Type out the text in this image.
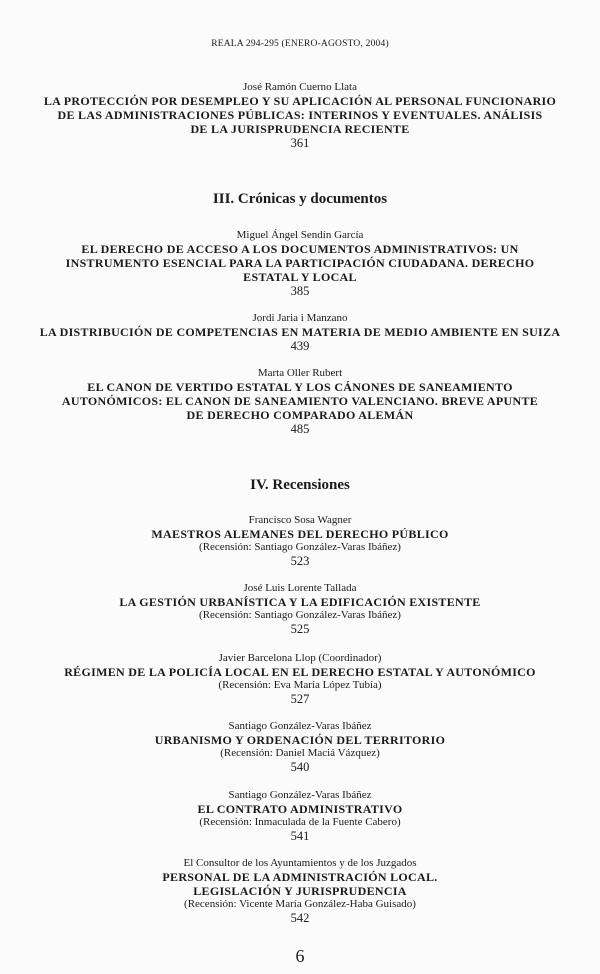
REALA 294-295 (ENERO-AGOSTO, 2004)
José Ramón Cuerno Llata
LA PROTECCIÓN POR DESEMPLEO Y SU APLICACIÓN AL PERSONAL FUNCIONARIO
DE LAS ADMINISTRACIONES PÚBLICAS: INTERINOS Y EVENTUALES. ANÁLISIS
DE LA JURISPRUDENCIA RECIENTE
361
III. Crónicas y documentos
Miguel Ángel Sendín García
EL DERECHO DE ACCESO A LOS DOCUMENTOS ADMINISTRATIVOS: UN
INSTRUMENTO ESENCIAL PARA LA PARTICIPACIÓN CIUDADANA. DERECHO
ESTATAL Y LOCAL
385
Jordi Jaria i Manzano
LA DISTRIBUCIÓN DE COMPETENCIAS EN MATERIA DE MEDIO AMBIENTE EN SUIZA
439
Marta Oller Rubert
EL CANON DE VERTIDO ESTATAL Y LOS CÁNONES DE SANEAMIENTO
AUTONÓMICOS: EL CANON DE SANEAMIENTO VALENCIANO. BREVE APUNTE
DE DERECHO COMPARADO ALEMÁN
485
IV. Recensiones
Francisco Sosa Wagner
MAESTROS ALEMANES DEL DERECHO PÚBLICO
(Recensión: Santiago González-Varas Ibáñez)
523
José Luis Lorente Tallada
LA GESTIÓN URBANÍSTICA Y LA EDIFICACIÓN EXISTENTE
(Recensión: Santiago González-Varas Ibáñez)
525
Javier Barcelona Llop (Coordinador)
RÉGIMEN DE LA POLICÍA LOCAL EN EL DERECHO ESTATAL Y AUTONÓMICO
(Recensión: Eva María López Tubía)
527
Santiago González-Varas Ibáñez
URBANISMO Y ORDENACIÓN DEL TERRITORIO
(Recensión: Daniel Maciá Vázquez)
540
Santiago González-Varas Ibáñez
EL CONTRATO ADMINISTRATIVO
(Recensión: Inmaculada de la Fuente Cabero)
541
El Consultor de los Ayuntamientos y de los Juzgados
PERSONAL DE LA ADMINISTRACIÓN LOCAL.
LEGISLACIÓN Y JURISPRUDENCIA
(Recensión: Vicente María González-Haba Guisado)
542
6
